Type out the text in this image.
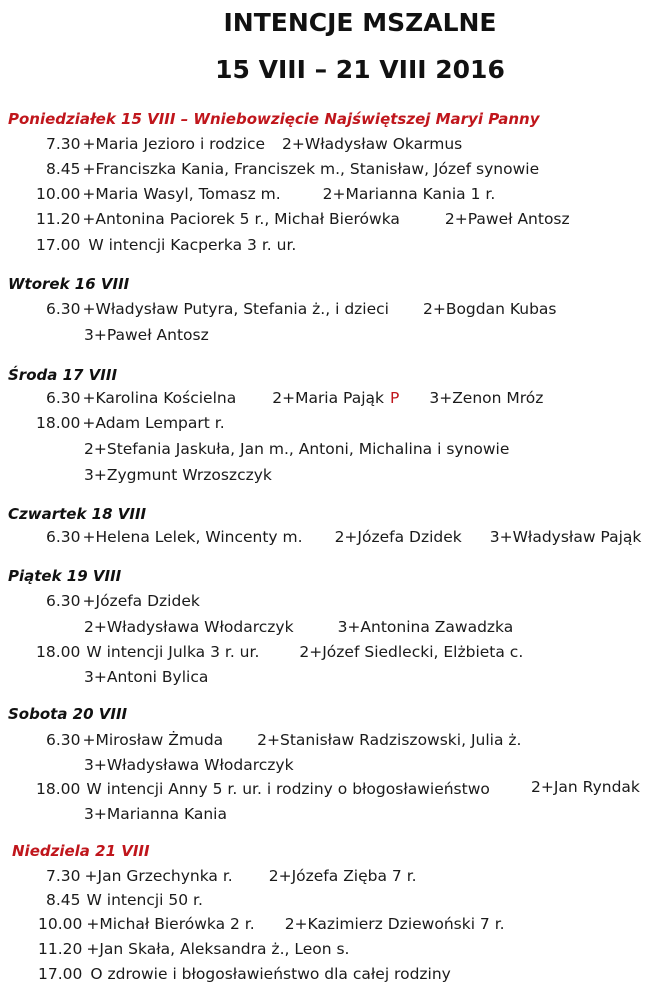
INTENCJE MSZALNE
15 VIII – 21 VIII 2016
Poniedziałek 15 VIII – Wniebowzięcie Najświętszej Maryi Panny
7.30 +Maria Jezioro i rodzice 2+Władysław Okarmus
8.45 +Franciszka Kania, Franciszek m., Stanisław, Józef synowie
10.00 +Maria Wasyl, Tomasz m.	2+Marianna Kania 1 r.
11.20 +Antonina Paciorek 5 r., Michał Bierówka	2+Paweł Antosz
17.00 W intencji Kacperka 3 r. ur.
Wtorek 16 VIII
6.30 +Władysław Putyra, Stefania ż., i dzieci 2+Bogdan Kubas
3+Paweł Antosz
Środa 17 VIII
6.30 +Karolina Kościelna 2+Maria Pająk P 3+Zenon Mróz
18.00 +Adam Lempart r.
2+Stefania Jaskuła, Jan m., Antoni, Michalina i synowie
3+Zygmunt Wrzoszczyk
Czwartek 18 VIII
6.30 +Helena Lelek, Wincenty m. 2+Józefa Dzidek 3+Władysław Pająk
Piątek 19 VIII
6.30 +Józefa Dzidek
2+Władysława Włodarczyk	3+Antonina Zawadzka
18.00 W intencji Julka 3 r. ur.	2+Józef Siedlecki, Elżbieta c.
3+Antoni Bylica
Sobota 20 VIII
6.30 +Mirosław Żmuda 2+Stanisław Radziszowski, Julia ż.
3+Władysława Włodarczyk
18.00 W intencji Anny 5 r. ur. i rodziny o błogosławieństwo	2+Jan Ryndak
3+Marianna Kania
Niedziela 21 VIII
7.30 +Jan Grzechynka r. 2+Józefa Zięba 7 r.
8.45 W intencji 50 r.
10.00 +Michał Bierówka 2 r. 2+Kazimierz Dziewoński 7 r.
11.20 +Jan Skała, Aleksandra ż., Leon s.
17.00 O zdrowie i błogosławieństwo dla całej rodziny
